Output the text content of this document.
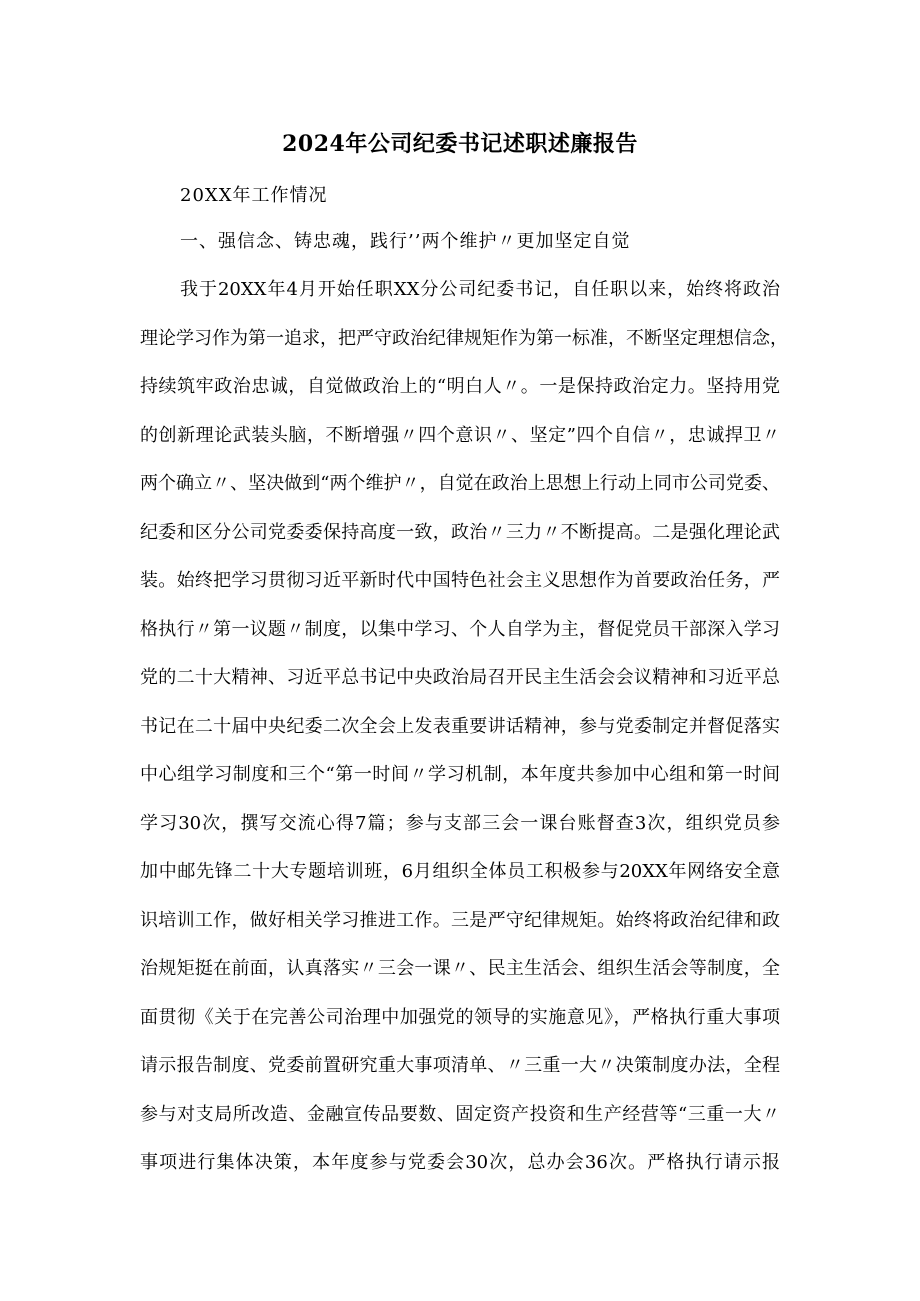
2024年公司纪委书记述职述廉报告
20XX年工作情况
一、强信念、铸忠魂，践行’’两个维护〃更加坚定自觉
我于20XX年4月开始任职XX分公司纪委书记，自任职以来，始终将政治
理论学习作为第一追求，把严守政治纪律规矩作为第一标准，不断坚定理想信念，
持续筑牢政治忠诚，自觉做政治上的“明白人〃。一是保持政治定力。坚持用党
的创新理论武装头脑，不断增强〃四个意识〃、坚定”四个自信〃，忠诚捍卫〃
两个确立〃、坚决做到“两个维护〃，自觉在政治上思想上行动上同市公司党委、
纪委和区分公司党委委保持高度一致，政治〃三力〃不断提高。二是强化理论武
装。始终把学习贯彻习近平新时代中国特色社会主义思想作为首要政治任务，严
格执行〃第一议题〃制度，以集中学习、个人自学为主，督促党员干部深入学习
党的二十大精神、习近平总书记中央政治局召开民主生活会会议精神和习近平总
书记在二十届中央纪委二次全会上发表重要讲话精神，参与党委制定并督促落实
中心组学习制度和三个“第一时间〃学习机制，本年度共参加中心组和第一时间
学习30次，撰写交流心得7篇；参与支部三会一课台账督查3次，组织党员参
加中邮先锋二十大专题培训班，6月组织全体员工积极参与20XX年网络安全意
识培训工作，做好相关学习推进工作。三是严守纪律规矩。始终将政治纪律和政
治规矩挺在前面，认真落实〃三会一课〃、民主生活会、组织生活会等制度，全
面贯彻《关于在完善公司治理中加强党的领导的实施意见》，严格执行重大事项
请示报告制度、党委前置研究重大事项清单、〃三重一大〃决策制度办法，全程
参与对支局所改造、金融宣传品要数、固定资产投资和生产经营等“三重一大〃
事项进行集体决策，本年度参与党委会30次，总办会36次。严格执行请示报
